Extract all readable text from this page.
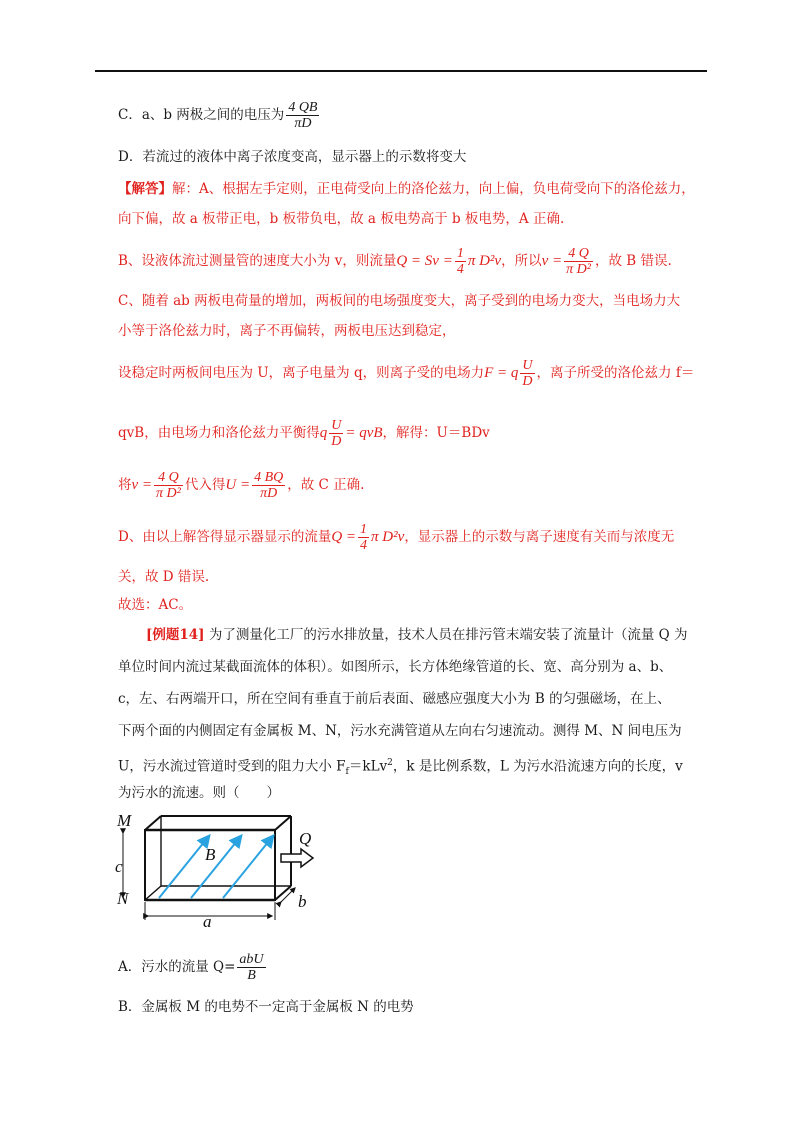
C．a、b 两极之间的电压为 $\frac{4 QB}{\pi D}$
D．若流过的液体中离子浓度变高，显示器上的示数将变大
【解答】解：A、根据左手定则，正电荷受向上的洛伦兹力，向上偏，负电荷受向下的洛伦兹力，
向下偏，故 a 板带正电，b 板带负电，故 a 板电势高于 b 板电势，A 正确.
B、设液体流过测量管的速度大小为 v，则流量$Q = Sv = \frac{1}{4}$ π D²v，所以$v = \frac{4 Q}{\text{π D²}}$ ，故 B 错误.
C、随着 ab 两板电荷量的增加，两板间的电场强度变大，离子受到的电场力变大，当电场力大
小等于洛伦兹力时，离子不再偏转，两板电压达到稳定，
设稳定时两板间电压为 U，离子电量为 q，则离子受的电场力F = q $\frac{U}{D}$ ，离子所受的洛伦兹力 f＝
qvB，由电场力和洛伦兹力平衡得q $\frac{U}{D}$ = qvB，解得：U＝BDv
将$v = \frac{4 Q}{\text{π D²}}$ 代入得$U = \frac{4 BQ}{\pi D}$ ，故 C 正确.
D、由以上解答得显示器显示的流量$Q = \frac{1}{4}$ π D²v，显示器上的示数与离子速度有关而与浓度无
关，故 D 错误.
故选：AC。
[例题14] 为了测量化工厂的污水排放量，技术人员在排污管末端安装了流量计（流量 Q 为
单位时间内流过某截面流体的体积）。如图所示，长方体绝缘管道的长、宽、高分别为 a、b、
c，左、右两端开口，所在空间有垂直于前后表面、磁感应强度大小为 B 的匀强磁场，在上、
下两个面的内侧固定有金属板 M、N，污水充满管道从左向右匀速流动。测得 M、N 间电压为
U，污水流过管道时受到的阻力大小 $F_f=kLv^2$，k 是比例系数，L 为污水沿流速方向的长度，v
为污水的流速。则（　　）
M
N
c
B
Q
a
b
A．污水的流量 Q= abU
B
B．金属板 M 的电势不一定高于金属板 N 的电势
